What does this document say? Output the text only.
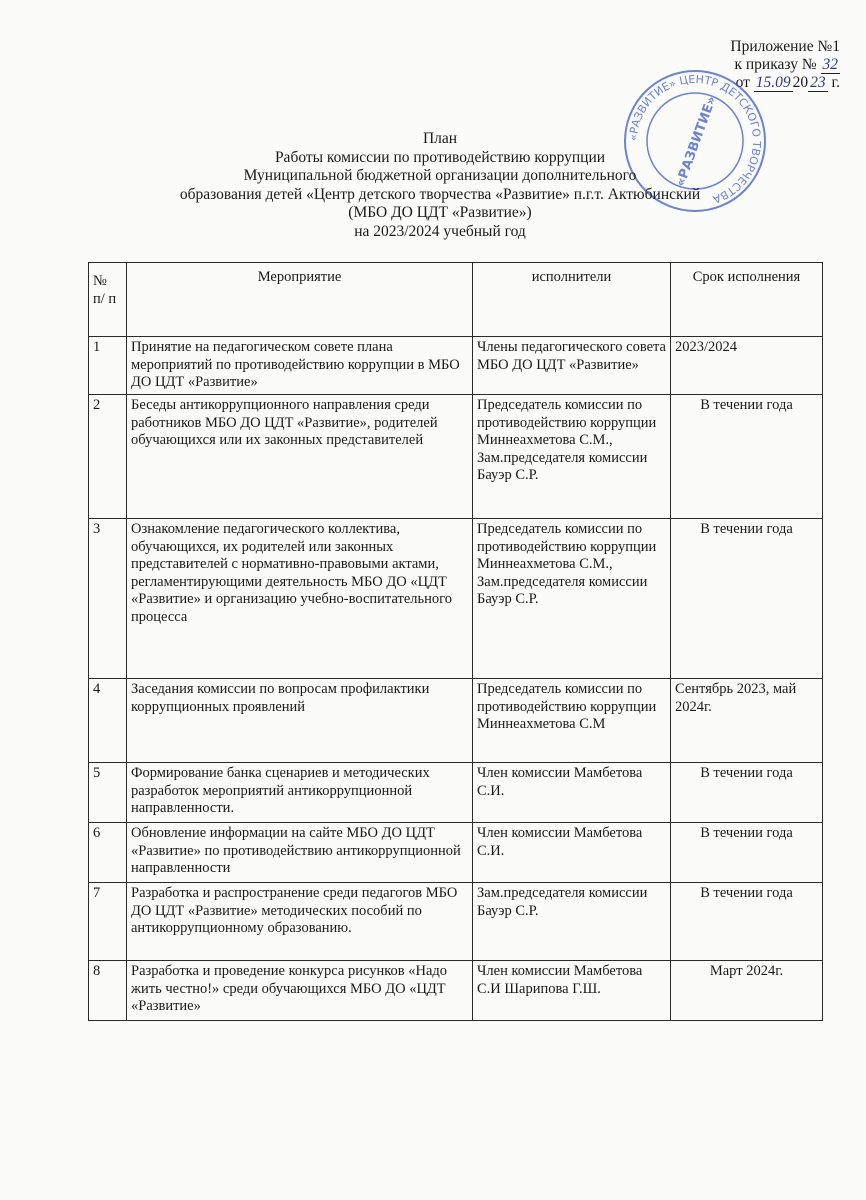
Приложение №1
к приказу № 32
от 15.09 20 23 г.
«РАЗВИТИЕ» ЦЕНТР ДЕТСКОГО ТВОРЧЕСТВА
«РАЗВИТИЕ»
План
Работы комиссии по противодействию коррупции
Муниципальной бюджетной организации дополнительного
образования детей «Центр детского творчества «Развитие» п.г.т. Актюбинский
(МБО ДО ЦДТ «Развитие»)
на 2023/2024 учебный год
№ п/ п	Мероприятие	исполнители	Срок исполнения
1	Принятие на педагогическом совете плана мероприятий по противодействию коррупции в МБО ДО ЦДТ «Развитие»	Члены педагогического совета МБО ДО ЦДТ «Развитие»	2023/2024
2	Беседы антикоррупционного направления среди работников МБО ДО ЦДТ «Развитие», родителей обучающихся или их законных представителей	Председатель комиссии по противодействию коррупции Миннеахметова С.М., Зам.председателя комиссии Бауэр С.Р.	В течении года
3	Ознакомление педагогического коллектива, обучающихся, их родителей или законных представителей с нормативно-правовыми актами, регламентирующими деятельность МБО ДО «ЦДТ «Развитие» и организацию учебно-воспитательного процесса	Председатель комиссии по противодействию коррупции Миннеахметова С.М., Зам.председателя комиссии Бауэр С.Р.	В течении года
4	Заседания комиссии по вопросам профилактики коррупционных проявлений	Председатель комиссии по противодействию коррупции Миннеахметова С.М	Сентябрь 2023, май 2024г.
5	Формирование банка сценариев и методических разработок мероприятий антикоррупционной направленности.	Член комиссии Мамбетова С.И.	В течении года
6	Обновление информации на сайте МБО ДО ЦДТ «Развитие» по противодействию антикоррупционной направленности	Член комиссии Мамбетова С.И.	В течении года
7	Разработка и распространение среди педагогов МБО ДО ЦДТ «Развитие» методических пособий по антикоррупционному образованию.	Зам.председателя комиссии Бауэр С.Р.	В течении года
8	Разработка и проведение конкурса рисунков «Надо жить честно!» среди обучающихся МБО ДО «ЦДТ «Развитие»	Член комиссии Мамбетова С.И Шарипова Г.Ш.	Март 2024г.
